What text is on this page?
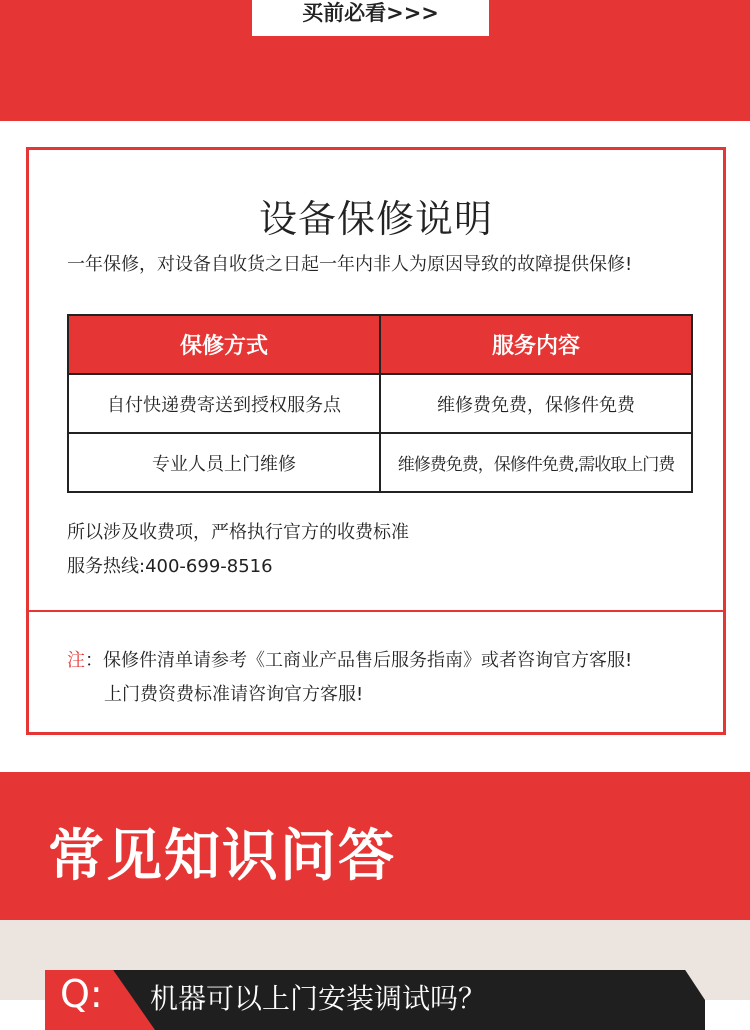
买前必看>>>
设备保修说明
一年保修，对设备自收货之日起一年内非人为原因导致的故障提供保修!
保修方式	服务内容
自付快递费寄送到授权服务点	维修费免费，保修件免费
专业人员上门维修	维修费免费，保修件免费,需收取上门费
所以涉及收费项，严格执行官方的收费标准
服务热线:400-699-8516
注：保修件清单请参考《工商业产品售后服务指南》或者咨询官方客服!
上门费资费标准请咨询官方客服!
常见知识问答
Q: 机器可以上门安装调试吗？
